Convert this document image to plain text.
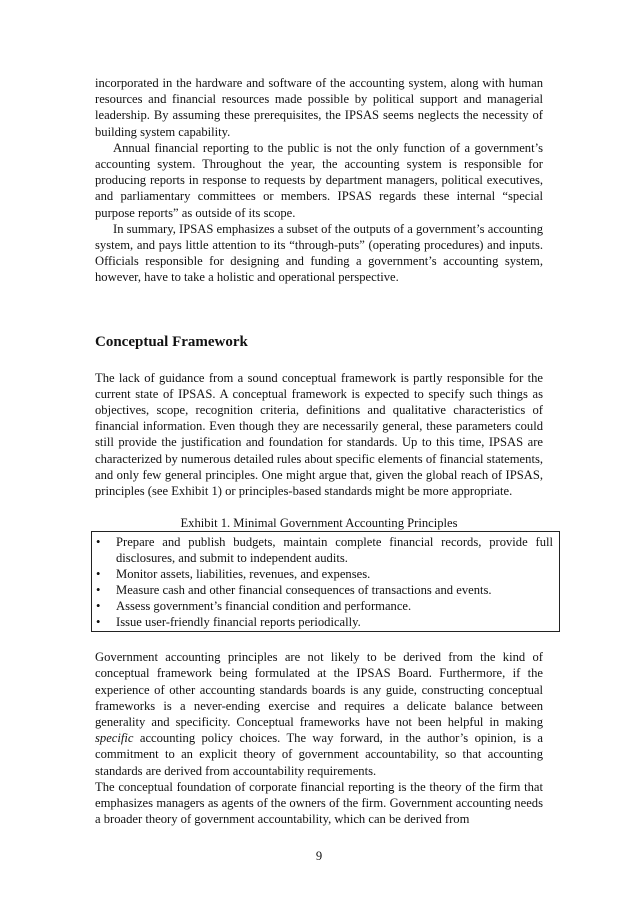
incorporated in the hardware and software of the accounting system, along with human resources and financial resources made possible by political support and managerial leadership. By assuming these prerequisites, the IPSAS seems neglects the necessity of building system capability.

Annual financial reporting to the public is not the only function of a government’s accounting system. Throughout the year, the accounting system is responsible for producing reports in response to requests by department managers, political executives, and parliamentary committees or members. IPSAS regards these internal “special purpose reports” as outside of its scope.

In summary, IPSAS emphasizes a subset of the outputs of a government’s accounting system, and pays little attention to its “through-puts” (operating procedures) and inputs. Officials responsible for designing and funding a government’s accounting system, however, have to take a holistic and operational perspective.

Conceptual Framework

The lack of guidance from a sound conceptual framework is partly responsible for the current state of IPSAS. A conceptual framework is expected to specify such things as objectives, scope, recognition criteria, definitions and qualitative characteristics of financial information. Even though they are necessarily general, these parameters could still provide the justification and foundation for standards. Up to this time, IPSAS are characterized by numerous detailed rules about specific elements of financial statements, and only few general principles. One might argue that, given the global reach of IPSAS, principles (see Exhibit 1) or principles-based standards might be more appropriate.

Exhibit 1. Minimal Government Accounting Principles
• Prepare and publish budgets, maintain complete financial records, provide full disclosures, and submit to independent audits.
• Monitor assets, liabilities, revenues, and expenses.
• Measure cash and other financial consequences of transactions and events.
• Assess government’s financial condition and performance.
• Issue user-friendly financial reports periodically.

Government accounting principles are not likely to be derived from the kind of conceptual framework being formulated at the IPSAS Board. Furthermore, if the experience of other accounting standards boards is any guide, constructing conceptual frameworks is a never-ending exercise and requires a delicate balance between generality and specificity. Conceptual frameworks have not been helpful in making specific accounting policy choices. The way forward, in the author’s opinion, is a commitment to an explicit theory of government accountability, so that accounting standards are derived from accountability requirements.

The conceptual foundation of corporate financial reporting is the theory of the firm that emphasizes managers as agents of the owners of the firm. Government accounting needs a broader theory of government accountability, which can be derived from

9
